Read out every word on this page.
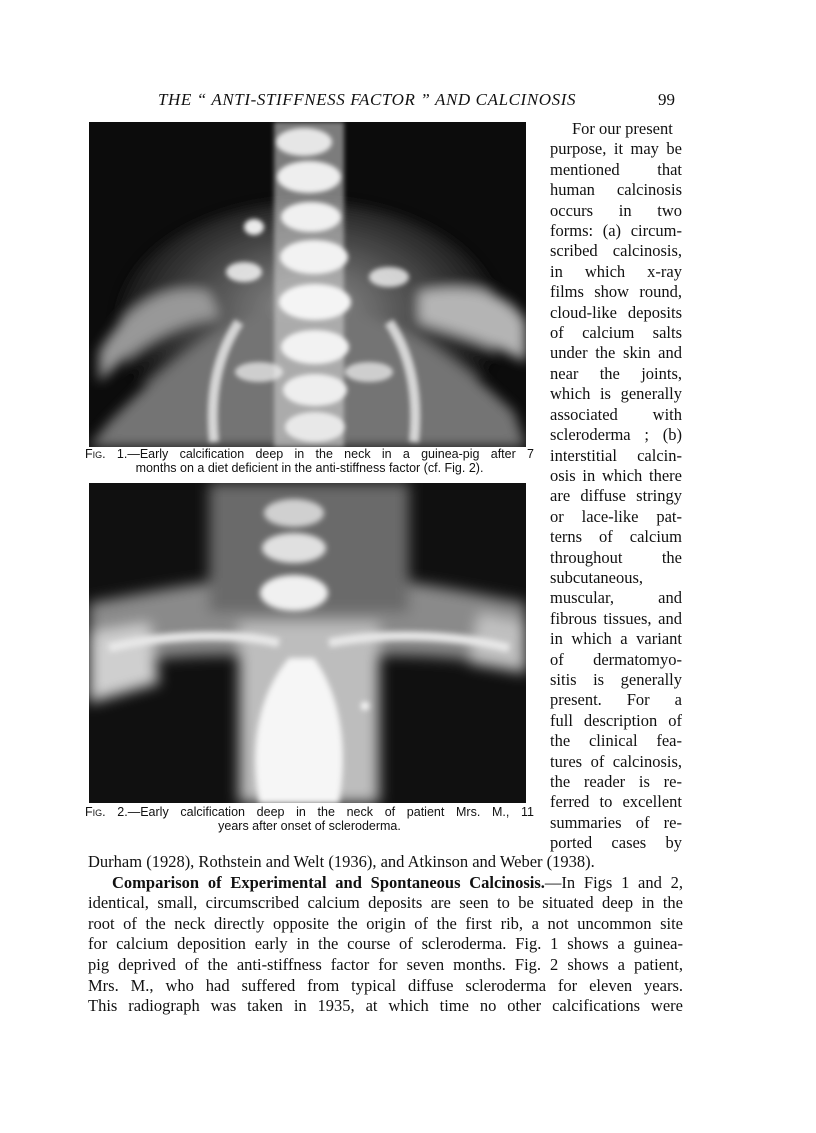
THE “ ANTI-STIFFNESS FACTOR ” AND CALCINOSIS	99
Fig. 1.—Early calcification deep in the neck in a guinea-pig after 7
months on a diet deficient in the anti-stiffness factor (cf. Fig. 2).
Fig. 2.—Early calcification deep in the neck of patient Mrs. M., 11
years after onset of scleroderma.
For our present
purpose, it may be
mentioned that
human calcinosis
occurs in two
forms: (a) circum-
scribed calcinosis,
in which x-ray
films show round,
cloud-like deposits
of calcium salts
under the skin and
near the joints,
which is generally
associated with
scleroderma ; (b)
interstitial calcin-
osis in which there
are diffuse stringy
or lace-like pat-
terns of calcium
throughout the
subcutaneous,
muscular, and
fibrous tissues, and
in which a variant
of dermatomyo-
sitis is generally
present. For a
full description of
the clinical fea-
tures of calcinosis,
the reader is re-
ferred to excellent
summaries of re-
ported cases by
Durham (1928), Rothstein and Welt (1936), and Atkinson and Weber (1938).
Comparison of Experimental and Spontaneous Calcinosis.—In Figs 1 and 2,
identical, small, circumscribed calcium deposits are seen to be situated deep in the
root of the neck directly opposite the origin of the first rib, a not uncommon site
for calcium deposition early in the course of scleroderma. Fig. 1 shows a guinea-
pig deprived of the anti-stiffness factor for seven months. Fig. 2 shows a patient,
Mrs. M., who had suffered from typical diffuse scleroderma for eleven years.
This radiograph was taken in 1935, at which time no other calcifications were
